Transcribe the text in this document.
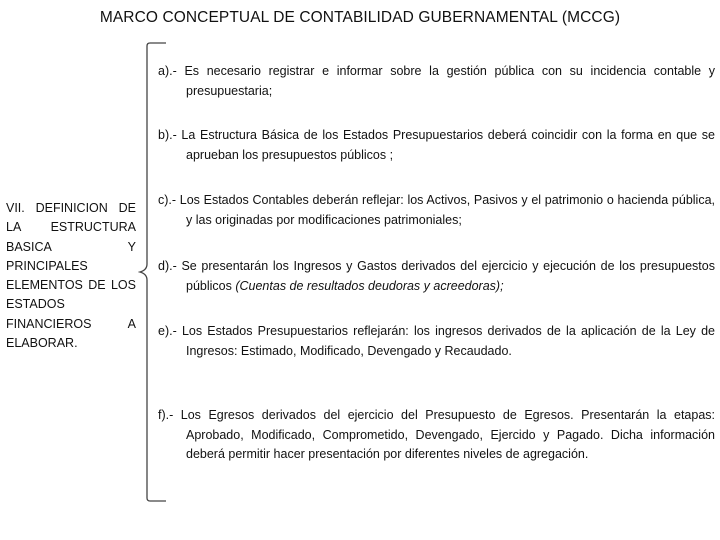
MARCO CONCEPTUAL DE CONTABILIDAD GUBERNAMENTAL (MCCG)
VII. DEFINICION DE LA ESTRUCTURA BASICA Y PRINCIPALES ELEMENTOS DE LOS ESTADOS FINANCIEROS A ELABORAR.
a).- Es necesario registrar e informar sobre la gestión pública con su incidencia contable y presupuestaria;
b).- La Estructura Básica de los Estados Presupuestarios deberá coincidir con la forma en que se aprueban los presupuestos públicos ;
c).- Los Estados Contables deberán reflejar: los Activos, Pasivos y el patrimonio o hacienda pública, y las originadas por modificaciones patrimoniales;
d).- Se presentarán los Ingresos y Gastos derivados del ejercicio y ejecución de los presupuestos públicos (Cuentas de resultados deudoras y acreedoras);
e).- Los Estados Presupuestarios reflejarán: los ingresos derivados de la aplicación de la Ley de Ingresos: Estimado, Modificado, Devengado y Recaudado.
f).- Los Egresos derivados del ejercicio del Presupuesto de Egresos. Presentarán la etapas: Aprobado, Modificado, Comprometido, Devengado, Ejercido y Pagado. Dicha información deberá permitir hacer presentación por diferentes niveles de agregación.
